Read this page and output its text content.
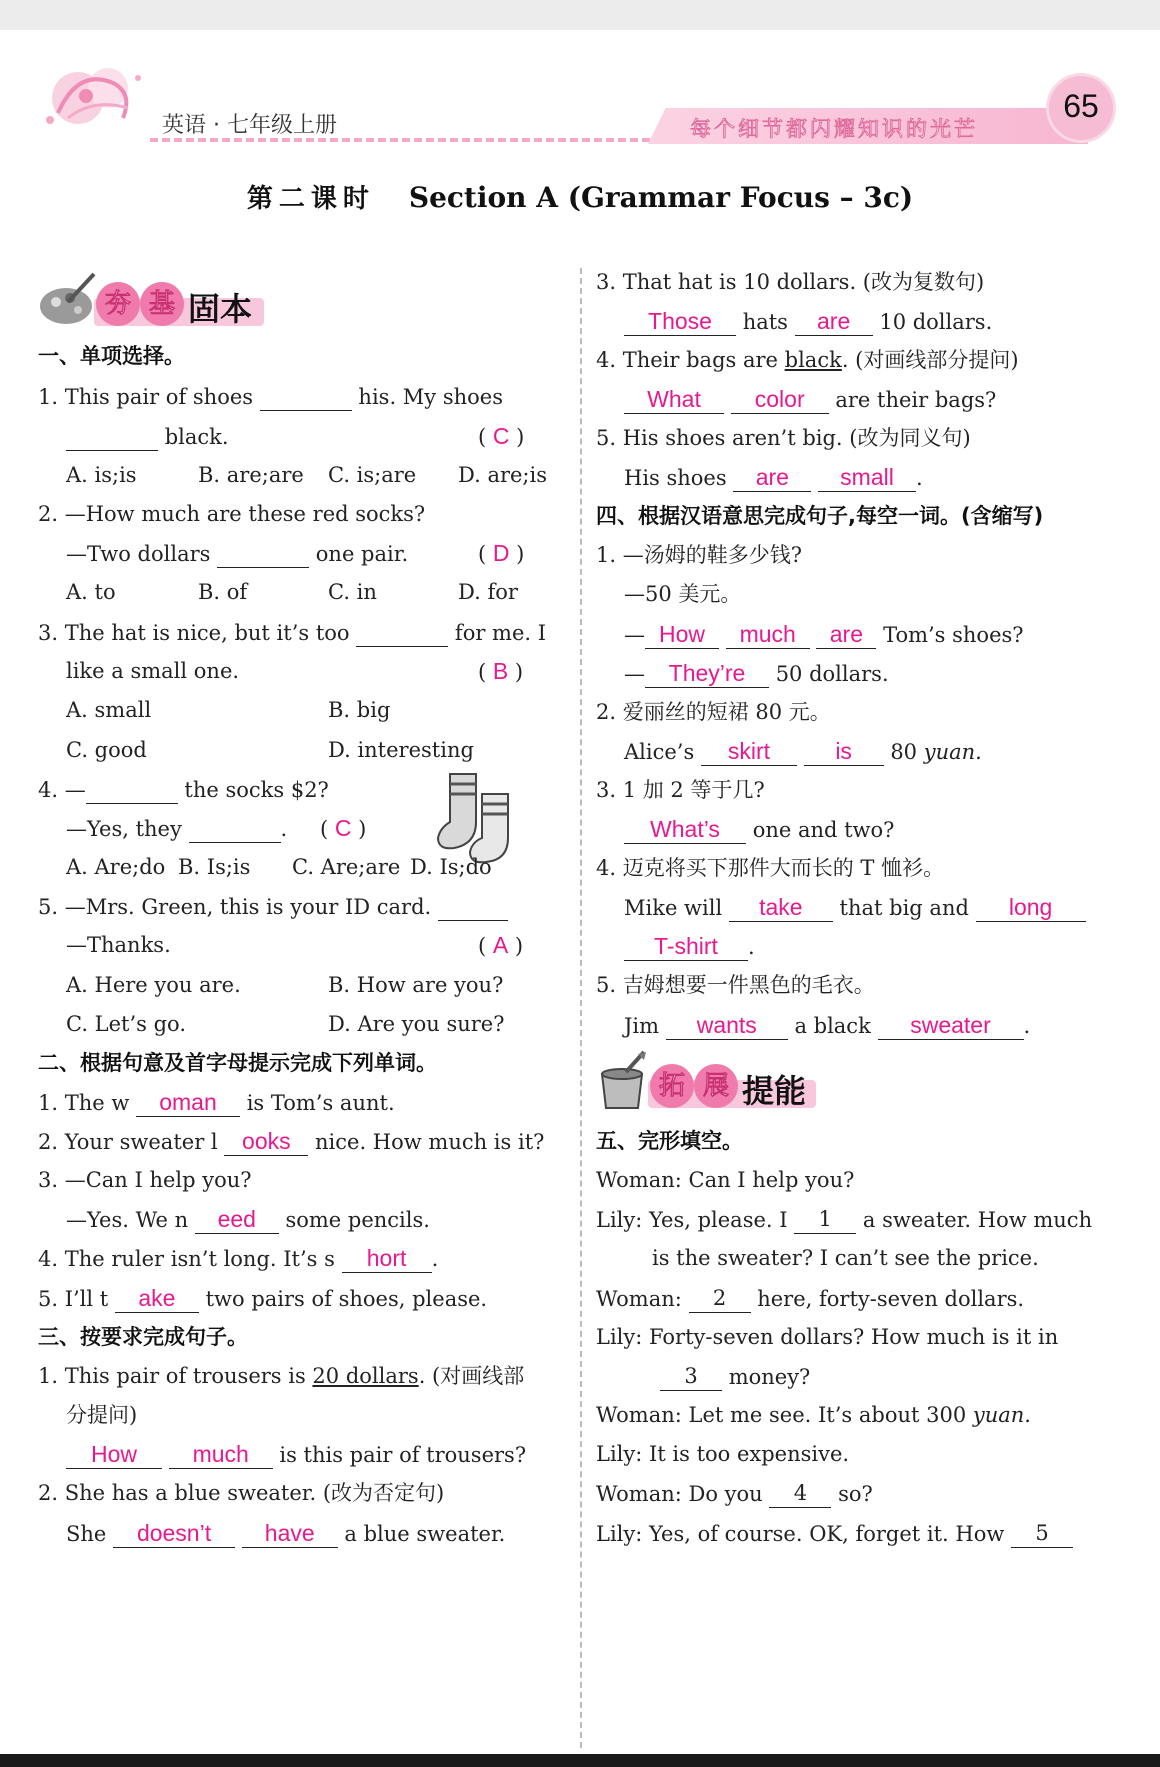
英语 · 七年级上册	每个细节都闪耀知识的光芒
65
第二课时 Section A (Grammar Focus – 3c)
夯 基 固本
一、单项选择。
1. This pair of shoes	his. My shoes
black.	( C )
A. is;is	B. are;are C. is;are D. are;is
2. —How much are these red socks?
—Two dollars	one pair.	( D )
A. to	B. of	C. in	D. for
3. The hat is nice, but it’s too	for me. I
like a small one.	( B )
A. small	B. big
C. good	D. interesting
4. —	the socks $2?
—Yes, they	. ( C )
A. Are;do B. Is;is C. Are;are D. Is;do
5. —Mrs. Green, this is your ID card.
—Thanks.	( A )
A. Here you are.	B. How are you?
C. Let’s go.	D. Are you sure?
二、根据句意及首字母提示完成下列单词。
1. The w oman is Tom’s aunt.
2. Your sweater l ooks nice. How much is it?
3. —Can I help you?
—Yes. We n eed some pencils.
4. The ruler isn’t long. It’s s hort .
5. I’ll t ake two pairs of shoes, please.
三、按要求完成句子。
1. This pair of trousers is 20 dollars. (对画线部
分提问)
How much is this pair of trousers?
2. She has a blue sweater. (改为否定句)
She doesn’t have a blue sweater.
3. That hat is 10 dollars. (改为复数句)
Those hats are 10 dollars.
4. Their bags are black. (对画线部分提问)
What color are their bags?
5. His shoes aren’t big. (改为同义句)
His shoes are small .
四、根据汉语意思完成句子,每空一词。(含缩写)
1. —汤姆的鞋多少钱?
—50 美元。
— How much are Tom’s shoes?
— They’re 50 dollars.
2. 爱丽丝的短裙 80 元。
Alice’s skirt	is 80 yuan.
3. 1 加 2 等于几?
What’s one and two?
4. 迈克将买下那件大而长的 T 恤衫。
Mike will take that big and long
T-shirt .
5. 吉姆想要一件黑色的毛衣。
Jim wants a black sweater .
拓 展 提能
五、完形填空。
Woman: Can I help you?
Lily: Yes, please. I 1 a sweater. How much
is the sweater? I can’t see the price.
Woman: 2 here, forty-seven dollars.
Lily: Forty-seven dollars? How much is it in
3 money?
Woman: Let me see. It’s about 300 yuan.
Lily: It is too expensive.
Woman: Do you 4 so?
Lily: Yes, of course. OK, forget it. How 5
